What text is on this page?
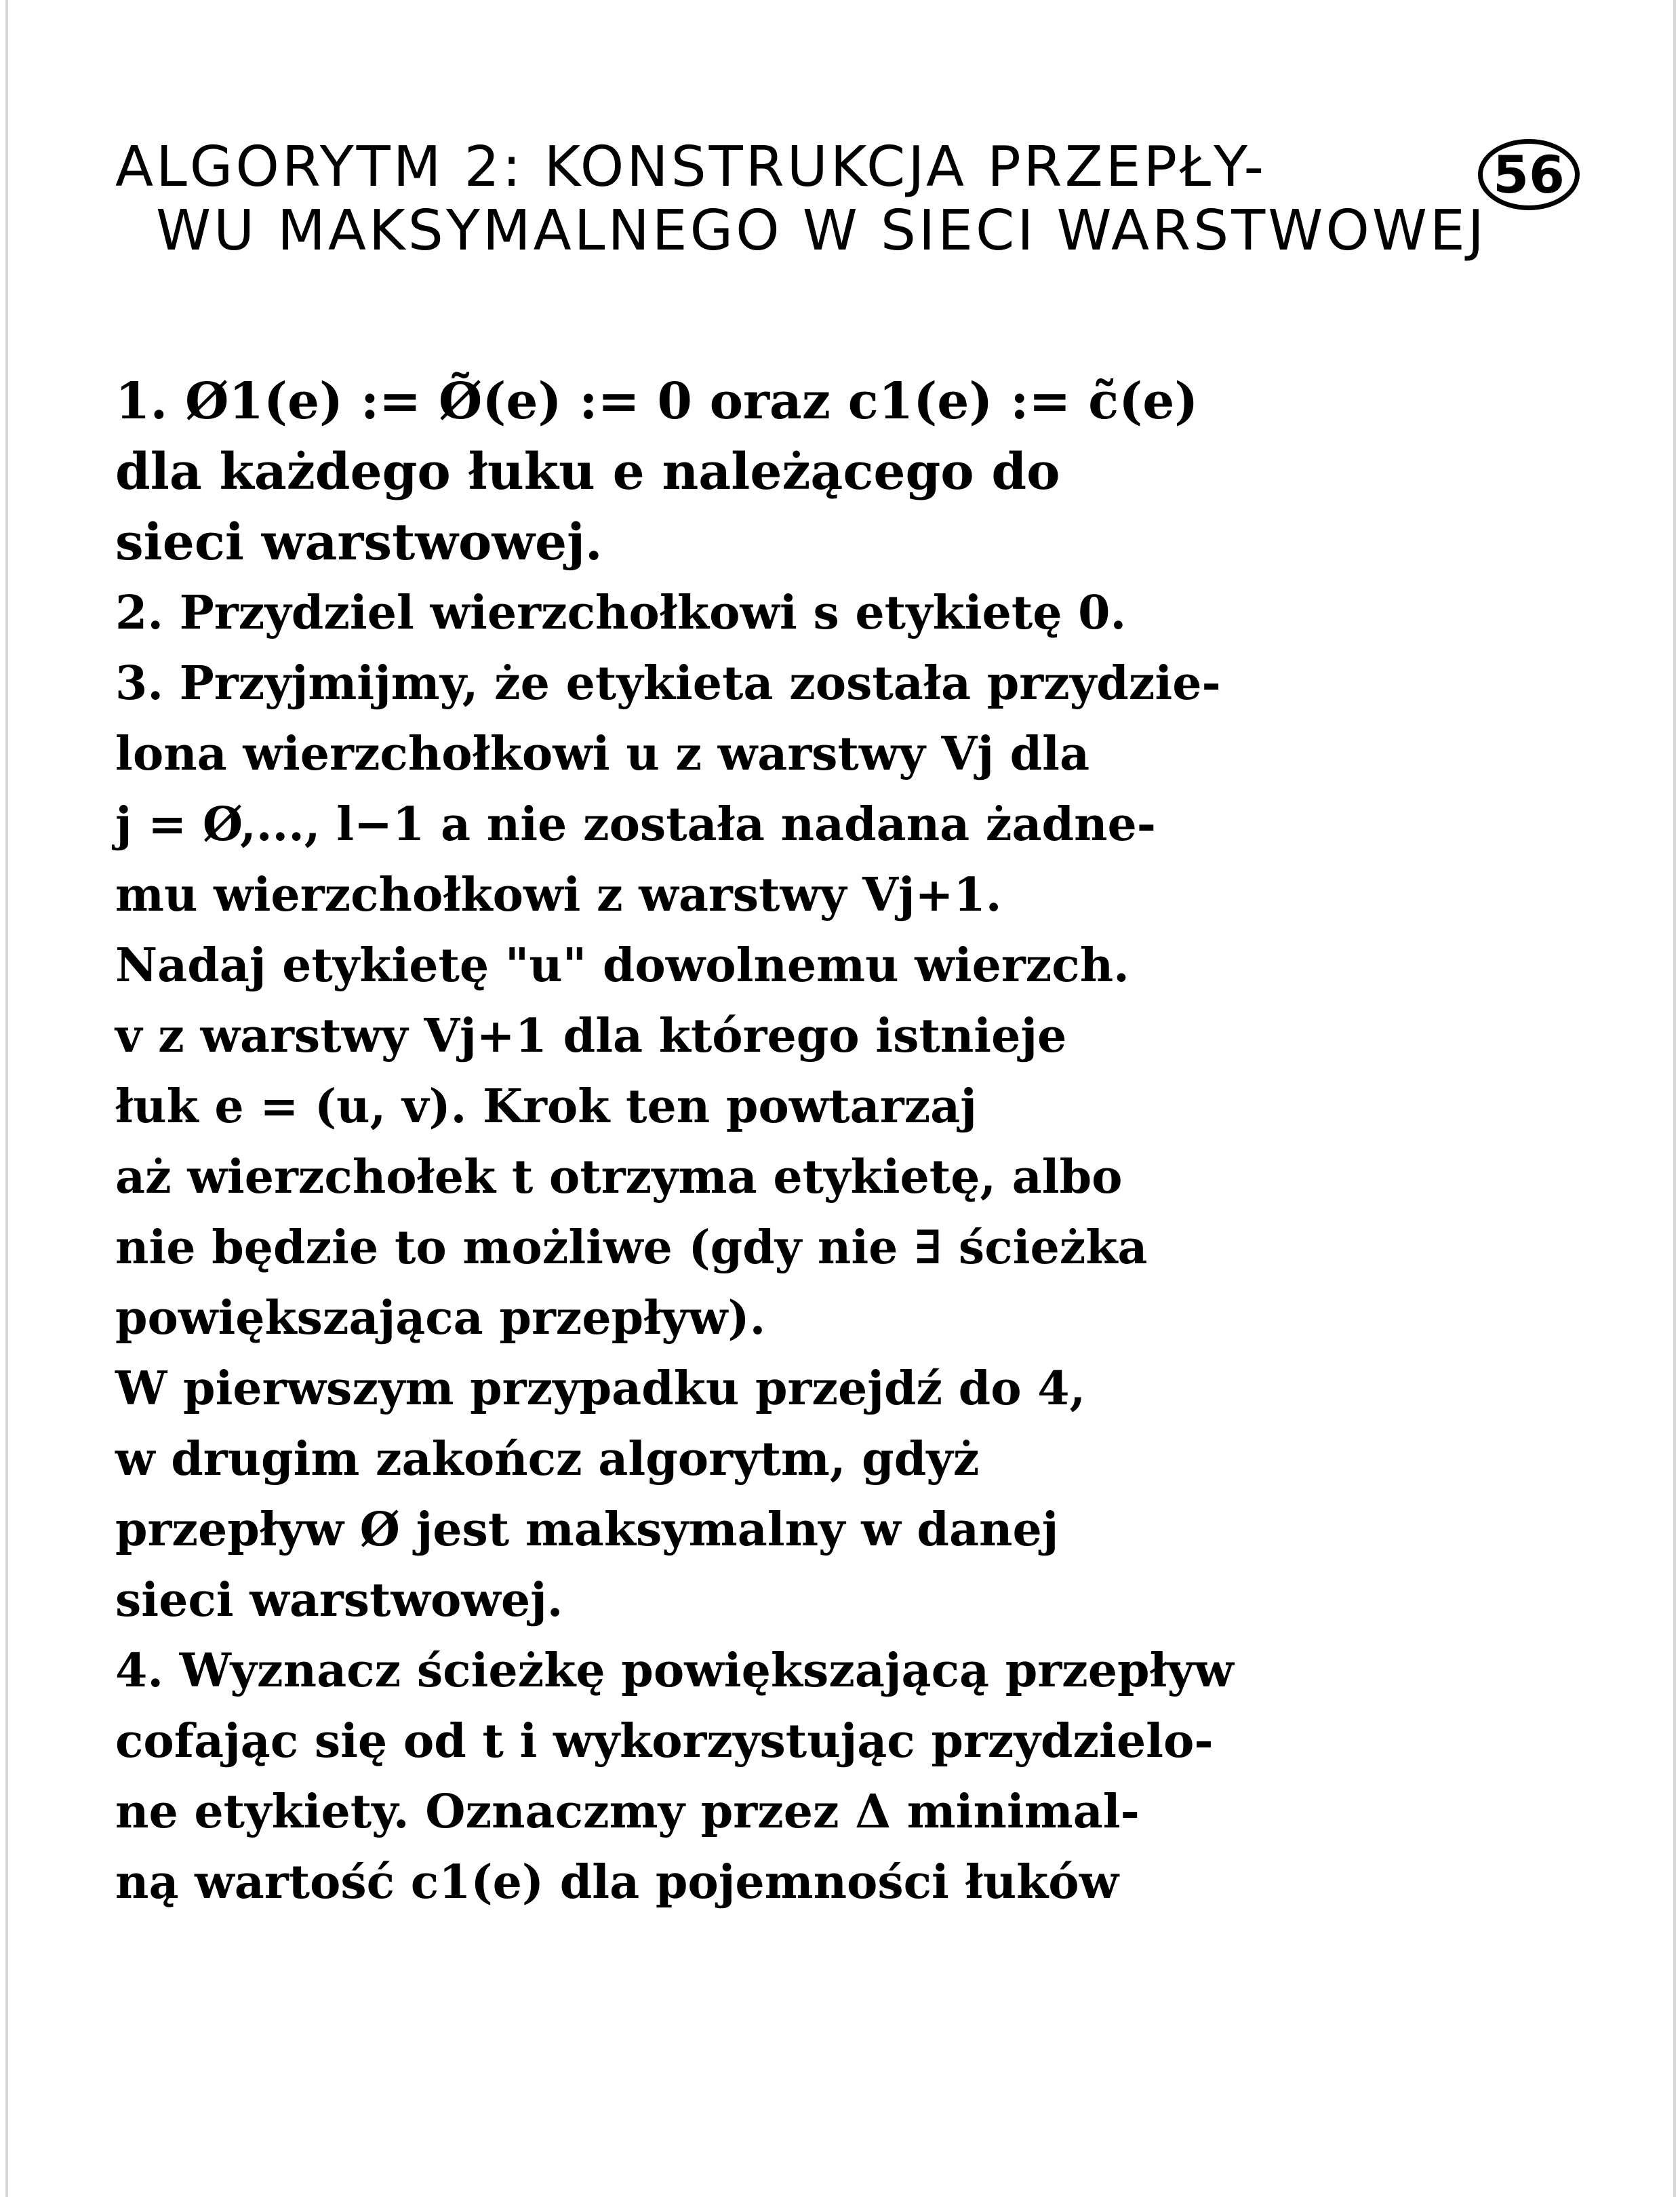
ALGORYTM 2: KONSTRUKCJA PRZEPŁY-
WU MAKSYMALNEGO W SIECI WARSTWOWEJ
56

1. Ø1(e) := Ø̃(e) := 0 oraz c1(e) := c̃(e)
dla każdego łuku e należącego do
sieci warstwowej.

2. Przydziel wierzchołkowi s etykietę 0.

3. Przyjmijmy, że etykieta została przydzie-
lona wierzchołkowi u z warstwy Vj dla
j = Ø,..., l−1 a nie została nadana żadne-
mu wierzchołkowi z warstwy Vj+1.
Nadaj etykietę "u" dowolnemu wierzch.
v z warstwy Vj+1 dla którego istnieje
łuk e = (u, v). Krok ten powtarzaj
aż wierzchołek t otrzyma etykietę, albo
nie będzie to możliwe (gdy nie ∃ ścieżka
powiększająca przepływ).
W pierwszym przypadku przejdź do 4,
w drugim zakończ algorytm, gdyż
przepływ Ø jest maksymalny w danej
sieci warstwowej.

4. Wyznacz ścieżkę powiększającą przepływ
cofając się od t i wykorzystując przydzielo-
ne etykiety. Oznaczmy przez Δ minimal-
ną wartość c1(e) dla pojemności łuków
